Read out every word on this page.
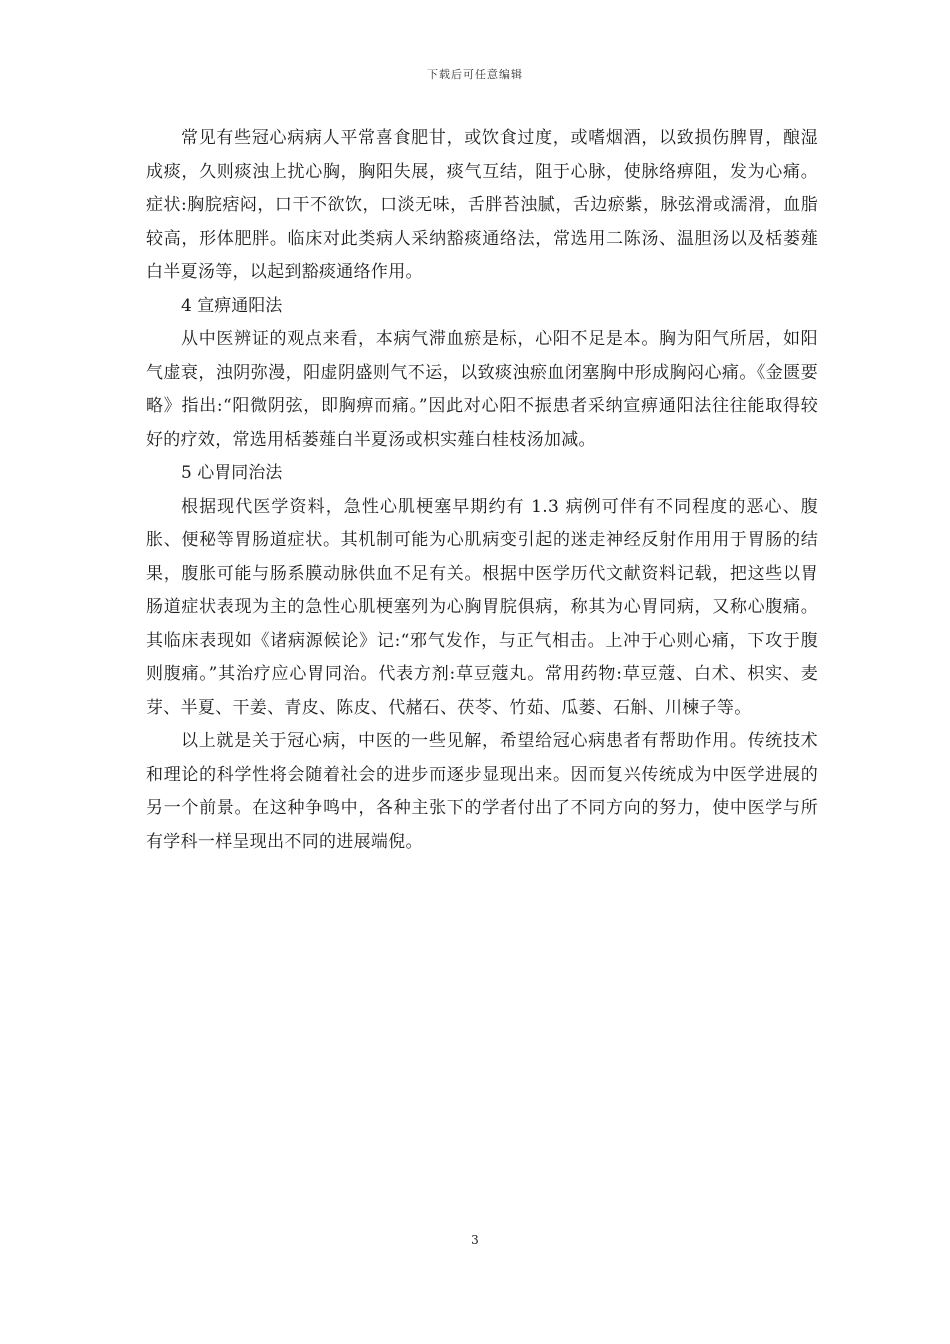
下载后可任意编辑

常见有些冠心病病人平常喜食肥甘，或饮食过度，或嗜烟酒，以致损伤脾胃，酿湿成痰，久则痰浊上扰心胸，胸阳失展，痰气互结，阻于心脉，使脉络痹阻，发为心痛。症状:胸脘痞闷，口干不欲饮，口淡无味，舌胖苔浊腻，舌边瘀紫，脉弦滑或濡滑，血脂较高，形体肥胖。临床对此类病人采纳豁痰通络法，常选用二陈汤、温胆汤以及栝蒌薤白半夏汤等，以起到豁痰通络作用。

4 宣痹通阳法

从中医辨证的观点来看，本病气滞血瘀是标，心阳不足是本。胸为阳气所居，如阳气虚衰，浊阴弥漫，阳虚阴盛则气不运，以致痰浊瘀血闭塞胸中形成胸闷心痛。《金匮要略》指出:“阳微阴弦，即胸痹而痛。”因此对心阳不振患者采纳宣痹通阳法往往能取得较好的疗效，常选用栝蒌薤白半夏汤或枳实薤白桂枝汤加减。

5 心胃同治法

根据现代医学资料，急性心肌梗塞早期约有 1.3 病例可伴有不同程度的恶心、腹胀、便秘等胃肠道症状。其机制可能为心肌病变引起的迷走神经反射作用用于胃肠的结果，腹胀可能与肠系膜动脉供血不足有关。根据中医学历代文献资料记载，把这些以胃肠道症状表现为主的急性心肌梗塞列为心胸胃脘俱病，称其为心胃同病，又称心腹痛。其临床表现如《诸病源候论》记:“邪气发作，与正气相击。上冲于心则心痛，下攻于腹则腹痛。”其治疗应心胃同治。代表方剂:草豆蔻丸。常用药物:草豆蔻、白术、枳实、麦芽、半夏、干姜、青皮、陈皮、代赭石、茯苓、竹茹、瓜蒌、石斛、川楝子等。

以上就是关于冠心病，中医的一些见解，希望给冠心病患者有帮助作用。传统技术和理论的科学性将会随着社会的进步而逐步显现出来。因而复兴传统成为中医学进展的另一个前景。在这种争鸣中，各种主张下的学者付出了不同方向的努力，使中医学与所有学科一样呈现出不同的进展端倪。

3
